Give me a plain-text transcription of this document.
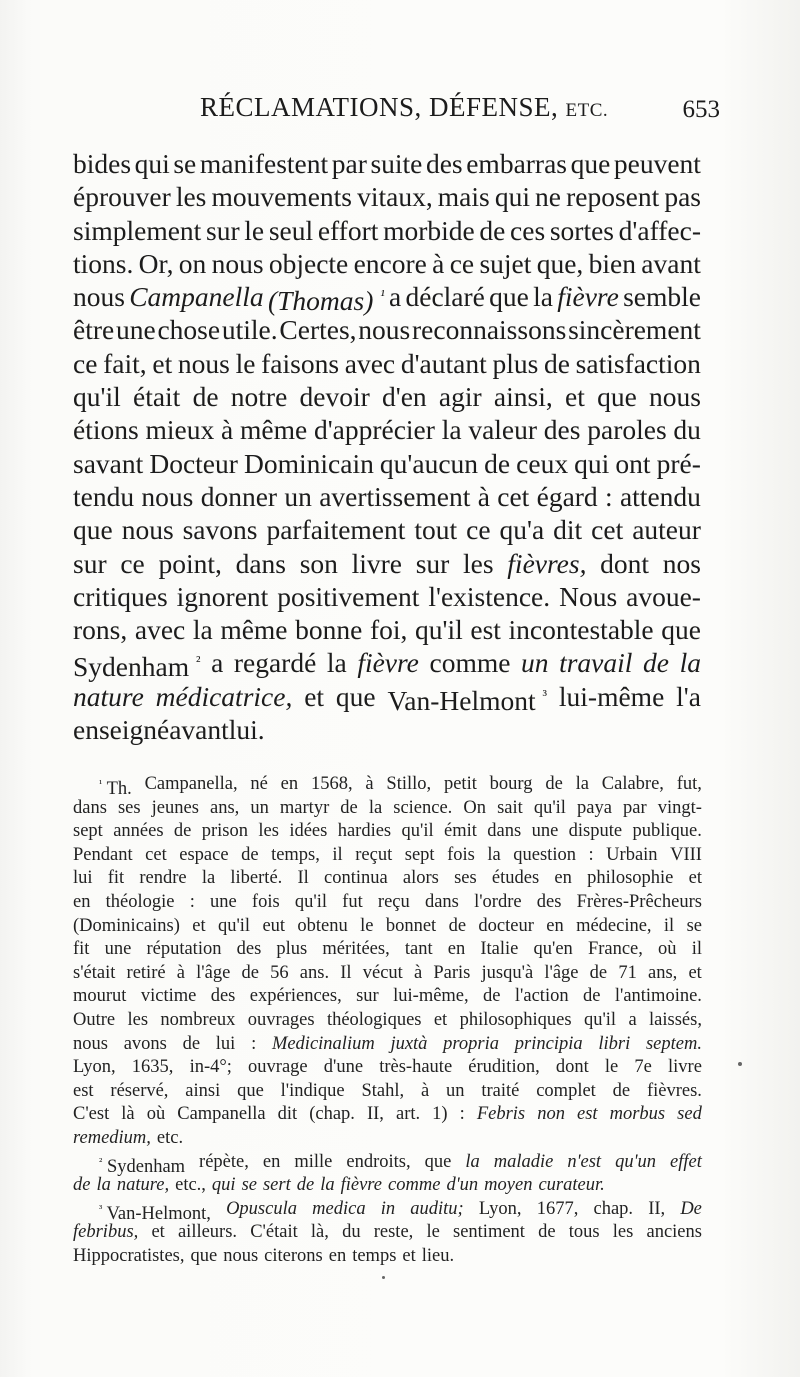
RÉCLAMATIONS, DÉFENSE, ETC.	653
bides qui se manifestent par suite des embarras que peuvent
éprouver les mouvements vitaux, mais qui ne reposent pas
simplement sur le seul effort morbide de ces sortes d'affec-
tions. Or, on nous objecte encore à ce sujet que, bien avant
nous Campanella (Thomas) $^{^1}$ a déclaré que la fièvre semble
être une chose utile. Certes, nous reconnaissons sincèrement
ce fait, et nous le faisons avec d'autant plus de satisfaction
qu'il était de notre devoir d'en agir ainsi, et que nous
étions mieux à même d'apprécier la valeur des paroles du
savant Docteur Dominicain qu'aucun de ceux qui ont pré-
tendu nous donner un avertissement à cet égard : attendu
que nous savons parfaitement tout ce qu'a dit cet auteur
sur ce point, dans son livre sur les fièvres, dont nos
critiques ignorent positivement l'existence. Nous avoue-
rons, avec la même bonne foi, qu'il est incontestable que
Sydenham $^{^2}$ a regardé la fièvre comme un travail de la
nature médicatrice, et que Van-Helmont $^{^3}$ lui-même l'a
enseigné avant lui.
$^{^1}$ Th. Campanella, né en 1568, à Stillo, petit bourg de la Calabre, fut,
dans ses jeunes ans, un martyr de la science. On sait qu'il paya par vingt-
sept années de prison les idées hardies qu'il émit dans une dispute publique.
Pendant cet espace de temps, il reçut sept fois la question : Urbain VIII
lui fit rendre la liberté. Il continua alors ses études en philosophie et
en théologie : une fois qu'il fut reçu dans l'ordre des Frères-Prêcheurs
(Dominicains) et qu'il eut obtenu le bonnet de docteur en médecine, il se
fit une réputation des plus méritées, tant en Italie qu'en France, où il
s'était retiré à l'âge de 56 ans. Il vécut à Paris jusqu'à l'âge de 71 ans, et
mourut victime des expériences, sur lui-même, de l'action de l'antimoine.
Outre les nombreux ouvrages théologiques et philosophiques qu'il a laissés,
nous avons de lui : Medicinalium juxtà propria principia libri septem.
Lyon, 1635, in-4°; ouvrage d'une très-haute érudition, dont le 7e livre
est réservé, ainsi que l'indique Stahl, à un traité complet de fièvres.
C'est là où Campanella dit (chap. II, art. 1) : Febris non est morbus sed
remedium, etc.
$^{^2}$ Sydenham répète, en mille endroits, que la maladie n'est qu'un effet
de la nature, etc., qui se sert de la fièvre comme d'un moyen curateur.
$^{^3}$ Van-Helmont, Opuscula medica in auditu; Lyon, 1677, chap. II, De
febribus, et ailleurs. C'était là, du reste, le sentiment de tous les anciens
Hippocratistes, que nous citerons en temps et lieu.
